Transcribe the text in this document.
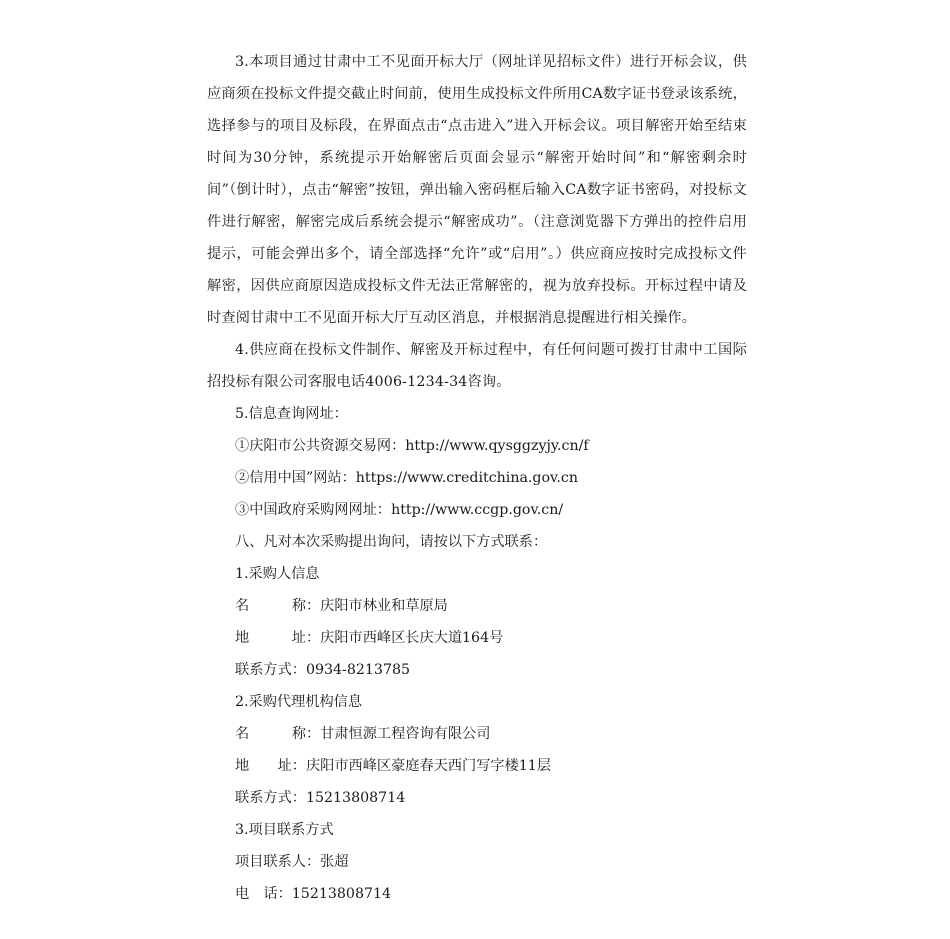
3.本项目通过甘肃中工不见面开标大厅（网址详见招标文件）进行开标会议，供应商须在投标文件提交截止时间前，使用生成投标文件所用CA数字证书登录该系统，选择参与的项目及标段，在界面点击“点击进入”进入开标会议。项目解密开始至结束时间为30分钟，系统提示开始解密后页面会显示“解密开始时间”和“解密剩余时间”（倒计时），点击“解密”按钮，弹出输入密码框后输入CA数字证书密码，对投标文件进行解密，解密完成后系统会提示“解密成功”。（注意浏览器下方弹出的控件启用提示，可能会弹出多个，请全部选择“允许”或“启用”。）供应商应按时完成投标文件解密，因供应商原因造成投标文件无法正常解密的，视为放弃投标。开标过程中请及时查阅甘肃中工不见面开标大厅互动区消息，并根据消息提醒进行相关操作。

4.供应商在投标文件制作、解密及开标过程中，有任何问题可拨打甘肃中工国际招投标有限公司客服电话4006-1234-34咨询。

5.信息查询网址：

①庆阳市公共资源交易网：http://www.qysggzyjy.cn/f

②信用中国”网站：https://www.creditchina.gov.cn

③中国政府采购网网址：http://www.ccgp.gov.cn/

八、凡对本次采购提出询问，请按以下方式联系：

1.采购人信息

名　　　称：庆阳市林业和草原局

地　　　址：庆阳市西峰区长庆大道164号

联系方式：0934-8213785

2.采购代理机构信息

名　　　称：甘肃恒源工程咨询有限公司

地　　址：庆阳市西峰区豪庭春天西门写字楼11层

联系方式：15213808714

3.项目联系方式

项目联系人：张超

电　话：15213808714
